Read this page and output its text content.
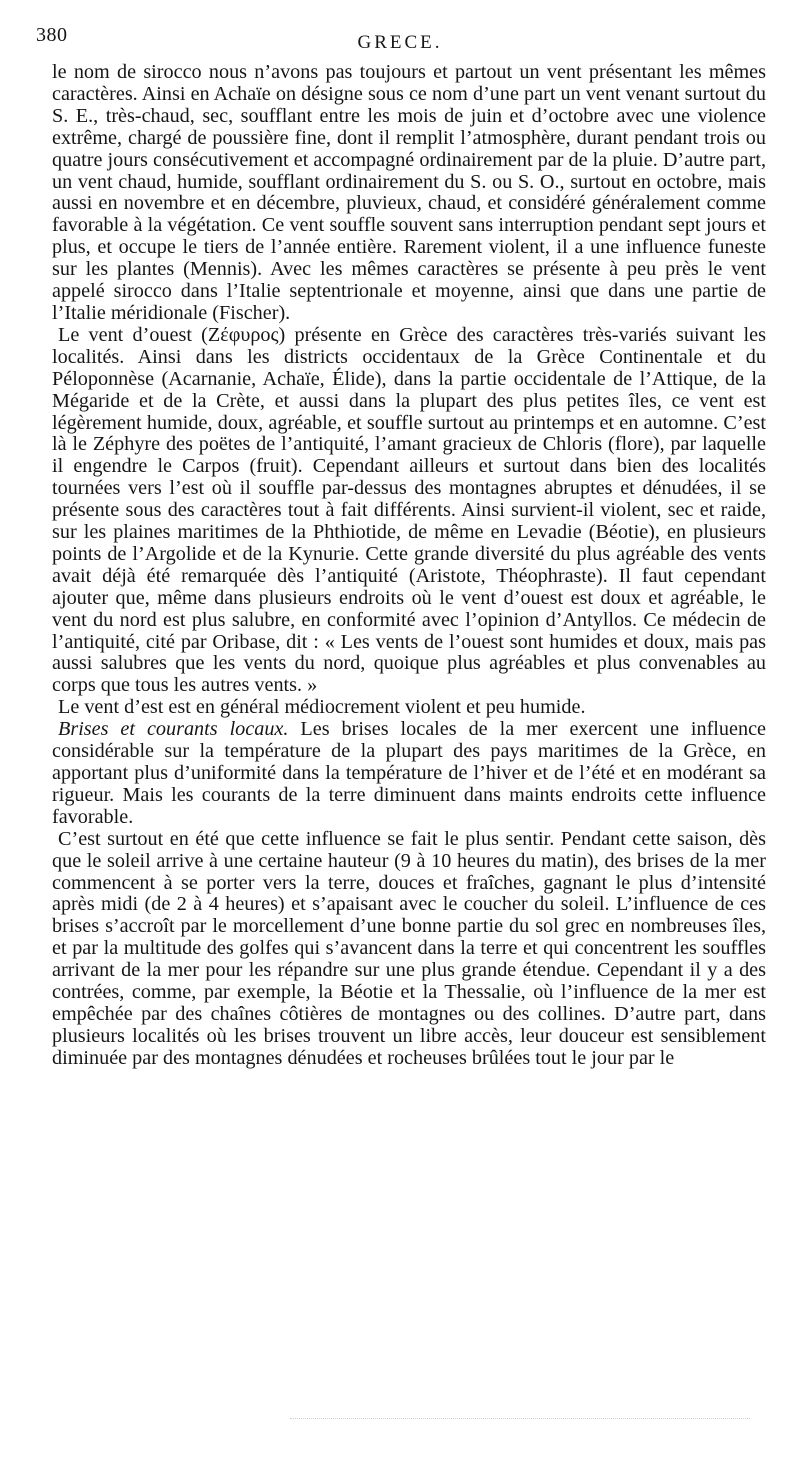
380	GRECE.

le nom de sirocco nous n’avons pas toujours et partout un vent présentant les mêmes caractères. Ainsi en Achaïe on désigne sous ce nom d’une part un vent venant surtout du S. E., très-chaud, sec, soufflant entre les mois de juin et d’octobre avec une violence extrême, chargé de poussière fine, dont il remplit l’atmosphère, durant pendant trois ou quatre jours consécutivement et accompagné ordinairement par de la pluie. D’autre part, un vent chaud, humide, soufflant ordinairement du S. ou S. O., surtout en octobre, mais aussi en novembre et en décembre, pluvieux, chaud, et considéré généralement comme favorable à la végétation. Ce vent souffle souvent sans interruption pendant sept jours et plus, et occupe le tiers de l’année entière. Rarement violent, il a une influence funeste sur les plantes (Mennis). Avec les mêmes caractères se présente à peu près le vent appelé sirocco dans l’Italie septentrionale et moyenne, ainsi que dans une partie de l’Italie méridionale (Fischer).

Le vent d’ouest (Ζέφυρος) présente en Grèce des caractères très-variés suivant les localités. Ainsi dans les districts occidentaux de la Grèce Continentale et du Péloponnèse (Acarnanie, Achaïe, Élide), dans la partie occidentale de l’Attique, de la Mégaride et de la Crète, et aussi dans la plupart des plus petites îles, ce vent est légèrement humide, doux, agréable, et souffle surtout au printemps et en automne. C’est là le Zéphyre des poëtes de l’antiquité, l’amant gracieux de Chloris (flore), par laquelle il engendre le Carpos (fruit). Cependant ailleurs et surtout dans bien des localités tournées vers l’est où il souffle par-dessus des montagnes abruptes et dénudées, il se présente sous des caractères tout à fait différents. Ainsi survient-il violent, sec et raide, sur les plaines maritimes de la Phthiotide, de même en Levadie (Béotie), en plusieurs points de l’Argolide et de la Kynurie. Cette grande diversité du plus agréable des vents avait déjà été remarquée dès l’antiquité (Aristote, Théophraste). Il faut cependant ajouter que, même dans plusieurs endroits où le vent d’ouest est doux et agréable, le vent du nord est plus salubre, en conformité avec l’opinion d’Antyllos. Ce médecin de l’antiquité, cité par Oribase, dit : « Les vents de l’ouest sont humides et doux, mais pas aussi salubres que les vents du nord, quoique plus agréables et plus convenables au corps que tous les autres vents. »

Le vent d’est est en général médiocrement violent et peu humide.

Brises et courants locaux. Les brises locales de la mer exercent une influence considérable sur la température de la plupart des pays maritimes de la Grèce, en apportant plus d’uniformité dans la température de l’hiver et de l’été et en modérant sa rigueur. Mais les courants de la terre diminuent dans maints endroits cette influence favorable.

C’est surtout en été que cette influence se fait le plus sentir. Pendant cette saison, dès que le soleil arrive à une certaine hauteur (9 à 10 heures du matin), des brises de la mer commencent à se porter vers la terre, douces et fraîches, gagnant le plus d’intensité après midi (de 2 à 4 heures) et s’apaisant avec le coucher du soleil. L’influence de ces brises s’accroît par le morcellement d’une bonne partie du sol grec en nombreuses îles, et par la multitude des golfes qui s’avancent dans la terre et qui concentrent les souffles arrivant de la mer pour les répandre sur une plus grande étendue. Cependant il y a des contrées, comme, par exemple, la Béotie et la Thessalie, où l’influence de la mer est empêchée par des chaînes côtières de montagnes ou des collines. D’autre part, dans plusieurs localités où les brises trouvent un libre accès, leur douceur est sensiblement diminuée par des montagnes dénudées et rocheuses brûlées tout le jour par le
